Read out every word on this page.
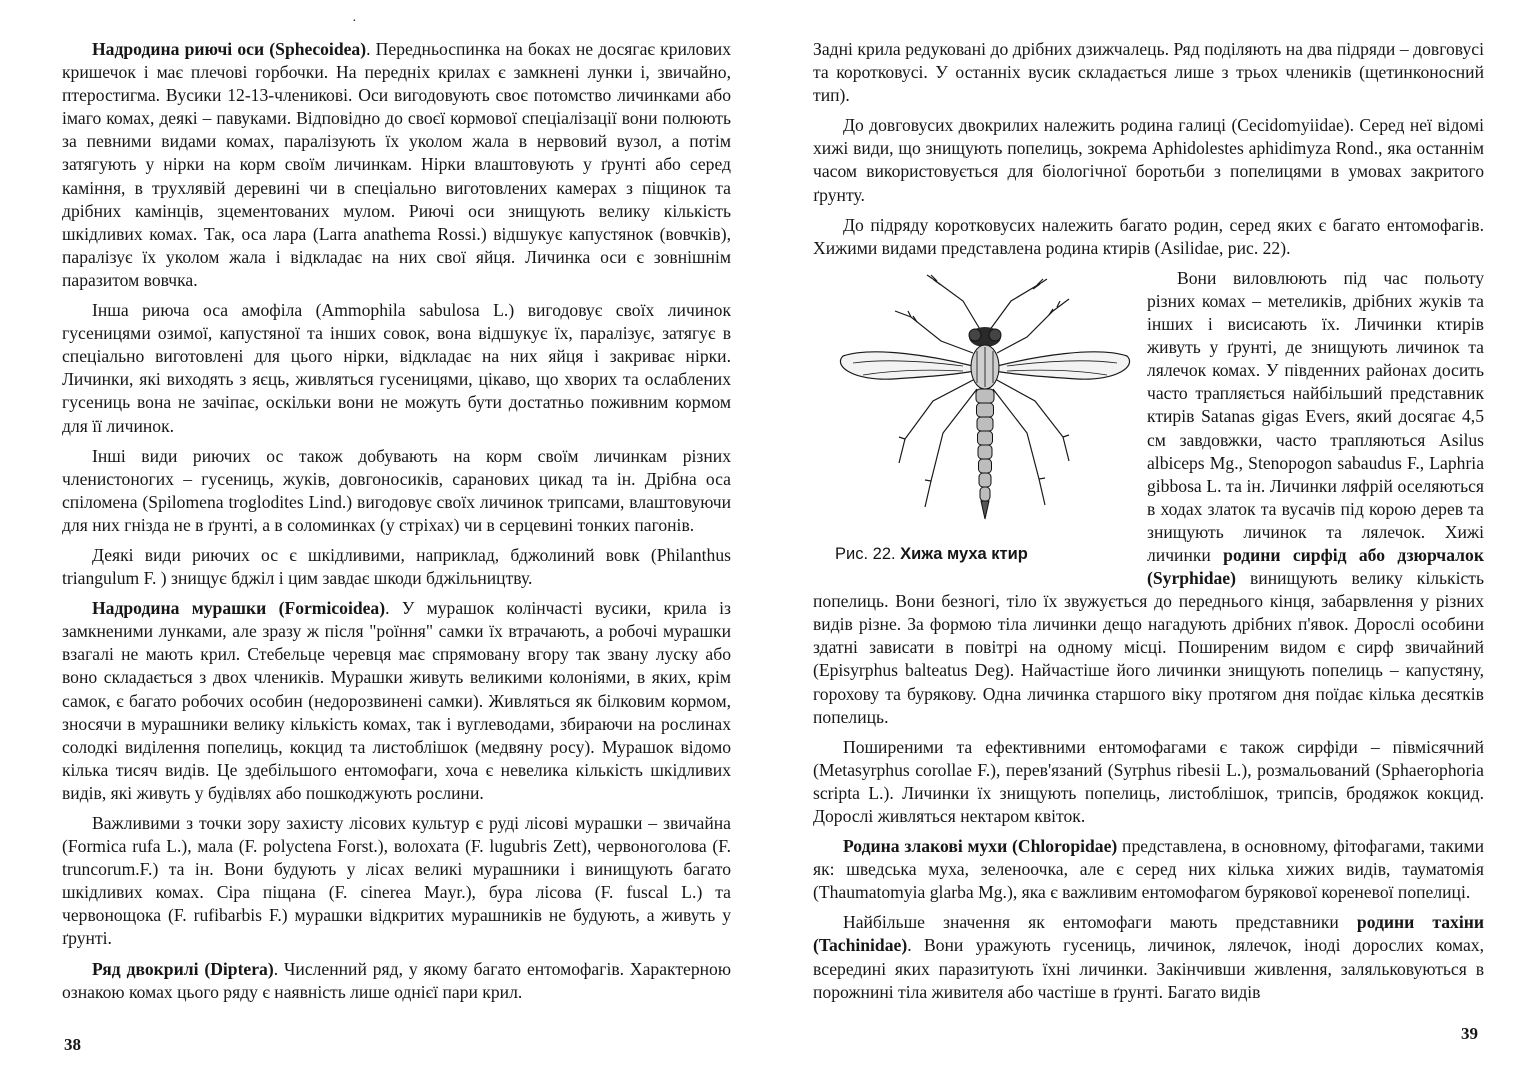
·

Надродина риючі оси (Sphecoidea). Передньоспинка на боках не досягає крилових кришечок і має плечові горбочки. На передніх крилах є замкнені лунки і, звичайно, птеростигма. Вусики 12-13-членикові. Оси вигодовують своє потомство личинками або імаго комах, деякі – павуками. Відповідно до своєї кормової спеціалізації вони полюють за певними видами комах, паралізують їх уколом жала в нервовий вузол, а потім затягують у нірки на корм своїм личинкам. Нірки влаштовують у ґрунті або серед каміння, в трухлявій деревині чи в спеціально виготовлених камерах з піщинок та дрібних камінців, зцементованих мулом. Риючі оси знищують велику кількість шкідливих комах. Так, оса лара (Larra anathema Rossi.) відшукує капустянок (вовчків), паралізує їх уколом жала і відкладає на них свої яйця. Личинка оси є зовнішнім паразитом вовчка.

Інша риюча оса амофіла (Ammophila sabulosa L.) вигодовує своїх личинок гусеницями озимої, капустяної та інших совок, вона відшукує їх, паралізує, затягує в спеціально виготовлені для цього нірки, відкладає на них яйця і закриває нірки. Личинки, які виходять з яєць, живляться гусеницями, цікаво, що хворих та ослаблених гусениць вона не зачіпає, оскільки вони не можуть бути достатньо поживним кормом для її личинок.

Інші види риючих ос також добувають на корм своїм личинкам різних членистоногих – гусениць, жуків, довгоносиків, саранових цикад та ін. Дрібна оса спіломена (Spilomena troglodites Lind.) вигодовує своїх личинок трипсами, влаштовуючи для них гнізда не в ґрунті, а в соломинках (у стріхах) чи в серцевині тонких пагонів.

Деякі види риючих ос є шкідливими, наприклад, бджолиний вовк (Philanthus triangulum F. ) знищує бджіл і цим завдає шкоди бджільництву.

Надродина мурашки (Formicoidea). У мурашок колінчасті вусики, крила із замкненими лунками, але зразу ж після "роїння" самки їх втрачають, а робочі мурашки взагалі не мають крил. Стебельце черевця має спрямовану вгору так звану луску або воно складається з двох члеників. Мурашки живуть великими колоніями, в яких, крім самок, є багато робочих особин (недорозвинені самки). Живляться як білковим кормом, зносячи в мурашники велику кількість комах, так і вуглеводами, збираючи на рослинах солодкі виділення попелиць, кокцид та листоблішок (медвяну росу). Мурашок відомо кілька тисяч видів. Це здебільшого ентомофаги, хоча є невелика кількість шкідливих видів, які живуть у будівлях або пошкоджують рослини.

Важливими з точки зору захисту лісових культур є руді лісові мурашки – звичайна (Formica rufa L.), мала (F. polyctena Forst.), волохата (F. lugubris Zett), червоноголова (F. truncorum.F.) та ін. Вони будують у лісах великі мурашники і винищують багато шкідливих комах. Сіра піщана (F. cinerea Mayr.), бура лісова (F. fuscal L.) та червонощока (F. rufibarbis F.) мурашки відкритих мурашників не будують, а живуть у ґрунті.

Ряд двокрилі (Diptera). Численний ряд, у якому багато ентомофагів. Характерною ознакою комах цього ряду є наявність лише однієї пари крил.

38

Задні крила редуковані до дрібних дзижчалець. Ряд поділяють на два підряди – довговусі та коротковусі. У останніх вусик складається лише з трьох члеників (щетинконосний тип).

До довговусих двокрилих належить родина галиці (Cecidomyiidae). Серед неї відомі хижі види, що знищують попелиць, зокрема Aphidolestes aphidimyza Rond., яка останнім часом використовується для біологічної боротьби з попелицями в умовах закритого ґрунту.

До підряду коротковусих належить багато родин, серед яких є багато ентомофагів. Хижими видами представлена родина ктирів (Asilidae, рис. 22).

Рис. 22. Хижа муха ктир

Вони виловлюють під час польоту різних комах – метеликів, дрібних жуків та інших і висисають їх. Личинки ктирів живуть у ґрунті, де знищують личинок та лялечок комах. У південних районах досить часто трапляється найбільший представник ктирів Satanas gigas Evers, який досягає 4,5 см завдовжки, часто трапляються Asilus albiceps Mg., Stenopogon sabaudus F., Laphria gibbosa L. та ін. Личинки ляфрій оселяються в ходах златок та вусачів під корою дерев та знищують личинок та лялечок. Хижі личинки родини сирфід або дзюрчалок (Syrphidae) винищують велику кількість попелиць. Вони безногі, тіло їх звужується до переднього кінця, забарвлення у різних видів різне. За формою тіла личинки дещо нагадують дрібних п'явок. Дорослі особини здатні зависати в повітрі на одному місці. Поширеним видом є сирф звичайний (Episyrphus balteatus Deg). Найчастіше його личинки знищують попелиць – капустяну, горохову та бурякову. Одна личинка старшого віку протягом дня поїдає кілька десятків попелиць.

Поширеними та ефективними ентомофагами є також сирфіди – півмісячний (Metasyrphus corollae F.), перев'язаний (Syrphus ribesii L.), розмальований (Sphaerophoria scripta L.). Личинки їх знищують попелиць, листоблішок, трипсів, бродяжок кокцид. Дорослі живляться нектаром квіток.

Родина злакові мухи (Chloropidae) представлена, в основному, фітофагами, такими як: шведська муха, зеленоочка, але є серед них кілька хижих видів, тауматомія (Thaumatomyia glarba Mg.), яка є важливим ентомофагом бурякової кореневої попелиці.

Найбільше значення як ентомофаги мають представники родини тахіни (Tachinidae). Вони уражують гусениць, личинок, лялечок, іноді дорослих комах, всередині яких паразитують їхні личинки. Закінчивши живлення, заляльковуються в порожнині тіла живителя або частіше в ґрунті. Багато видів

39
